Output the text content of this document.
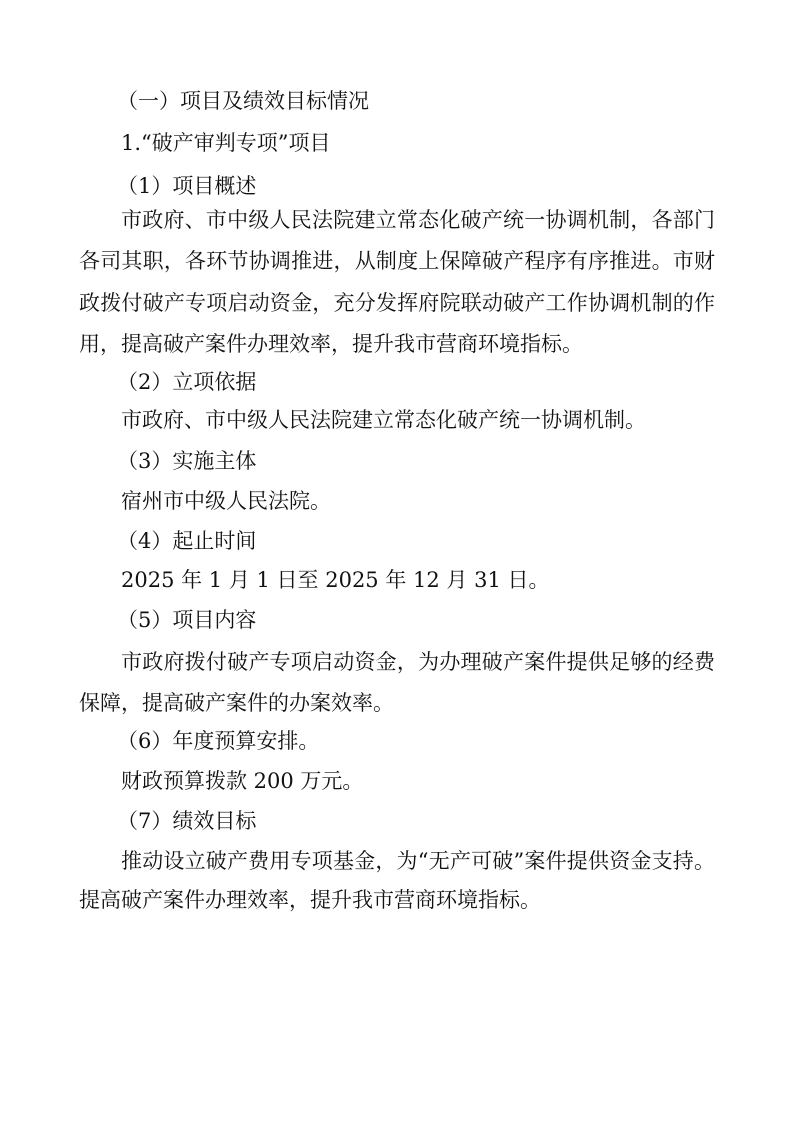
（一）项目及绩效目标情况

1.“破产审判专项”项目

（1）项目概述

市政府、市中级人民法院建立常态化破产统一协调机制，各部门

各司其职，各环节协调推进，从制度上保障破产程序有序推进。市财

政拨付破产专项启动资金，充分发挥府院联动破产工作协调机制的作

用，提高破产案件办理效率，提升我市营商环境指标。

（2）立项依据

市政府、市中级人民法院建立常态化破产统一协调机制。

（3）实施主体

宿州市中级人民法院。

（4）起止时间

2025 年 1 月 1 日至 2025 年 12 月 31 日。

（5）项目内容

市政府拨付破产专项启动资金，为办理破产案件提供足够的经费

保障，提高破产案件的办案效率。

（6）年度预算安排。

财政预算拨款 200 万元。

（7）绩效目标

推动设立破产费用专项基金，为“无产可破”案件提供资金支持。

提高破产案件办理效率，提升我市营商环境指标。
